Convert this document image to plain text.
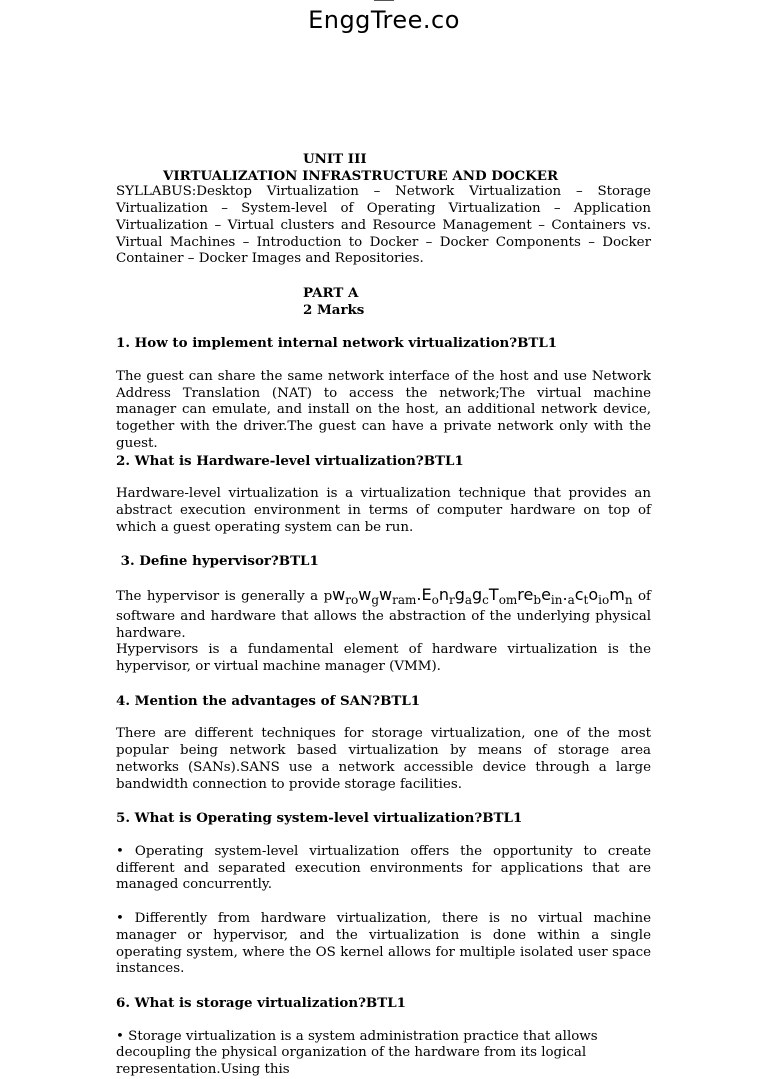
EnggTree.co
UNIT III
VIRTUALIZATION INFRASTRUCTURE AND DOCKER

SYLLABUS:Desktop Virtualization – Network Virtualization – Storage Virtualization – System-level of Operating Virtualization – Application Virtualization – Virtual clusters and Resource Management – Containers vs. Virtual Machines – Introduction to Docker – Docker Components – Docker Container – Docker Images and Repositories.

PART A
2 Marks
1. How to implement internal network virtualization?BTL1

The guest can share the same network interface of the host and use Network Address Translation (NAT) to access the network;The virtual machine manager can emulate, and install on the host, an additional network device, together with the driver.The guest can have a private network only with the guest.

2. What is Hardware-level virtualization?BTL1

Hardware-level virtualization is a virtualization technique that provides an abstract execution environment in terms of computer hardware on top of which a guest operating system can be run.

3. Define hypervisor?BTL1

The hypervisor is generally a $pw_{ro}w_gw_{ram}.E_on_rg_ag_cT_{om}re_be_{in}._ac_to_{io}m_n$ of software and hardware that allows the abstraction of the underlying physical hardware.

Hypervisors is a fundamental element of hardware virtualization is the hypervisor, or virtual machine manager (VMM).

4. Mention the advantages of SAN?BTL1

There are different techniques for storage virtualization, one of the most popular being network based virtualization by means of storage area networks (SANs).SANS use a network accessible device through a large bandwidth connection to provide storage facilities.

5. What is Operating system-level virtualization?BTL1

• Operating system-level virtualization offers the opportunity to create different and separated execution environments for applications that are managed concurrently.

• Differently from hardware virtualization, there is no virtual machine manager or hypervisor, and the virtualization is done within a single operating system, where the OS kernel allows for multiple isolated user space instances.

6. What is storage virtualization?BTL1

• Storage virtualization is a system administration practice that allows decoupling the physical organization of the hardware from its logical representation.Using this
